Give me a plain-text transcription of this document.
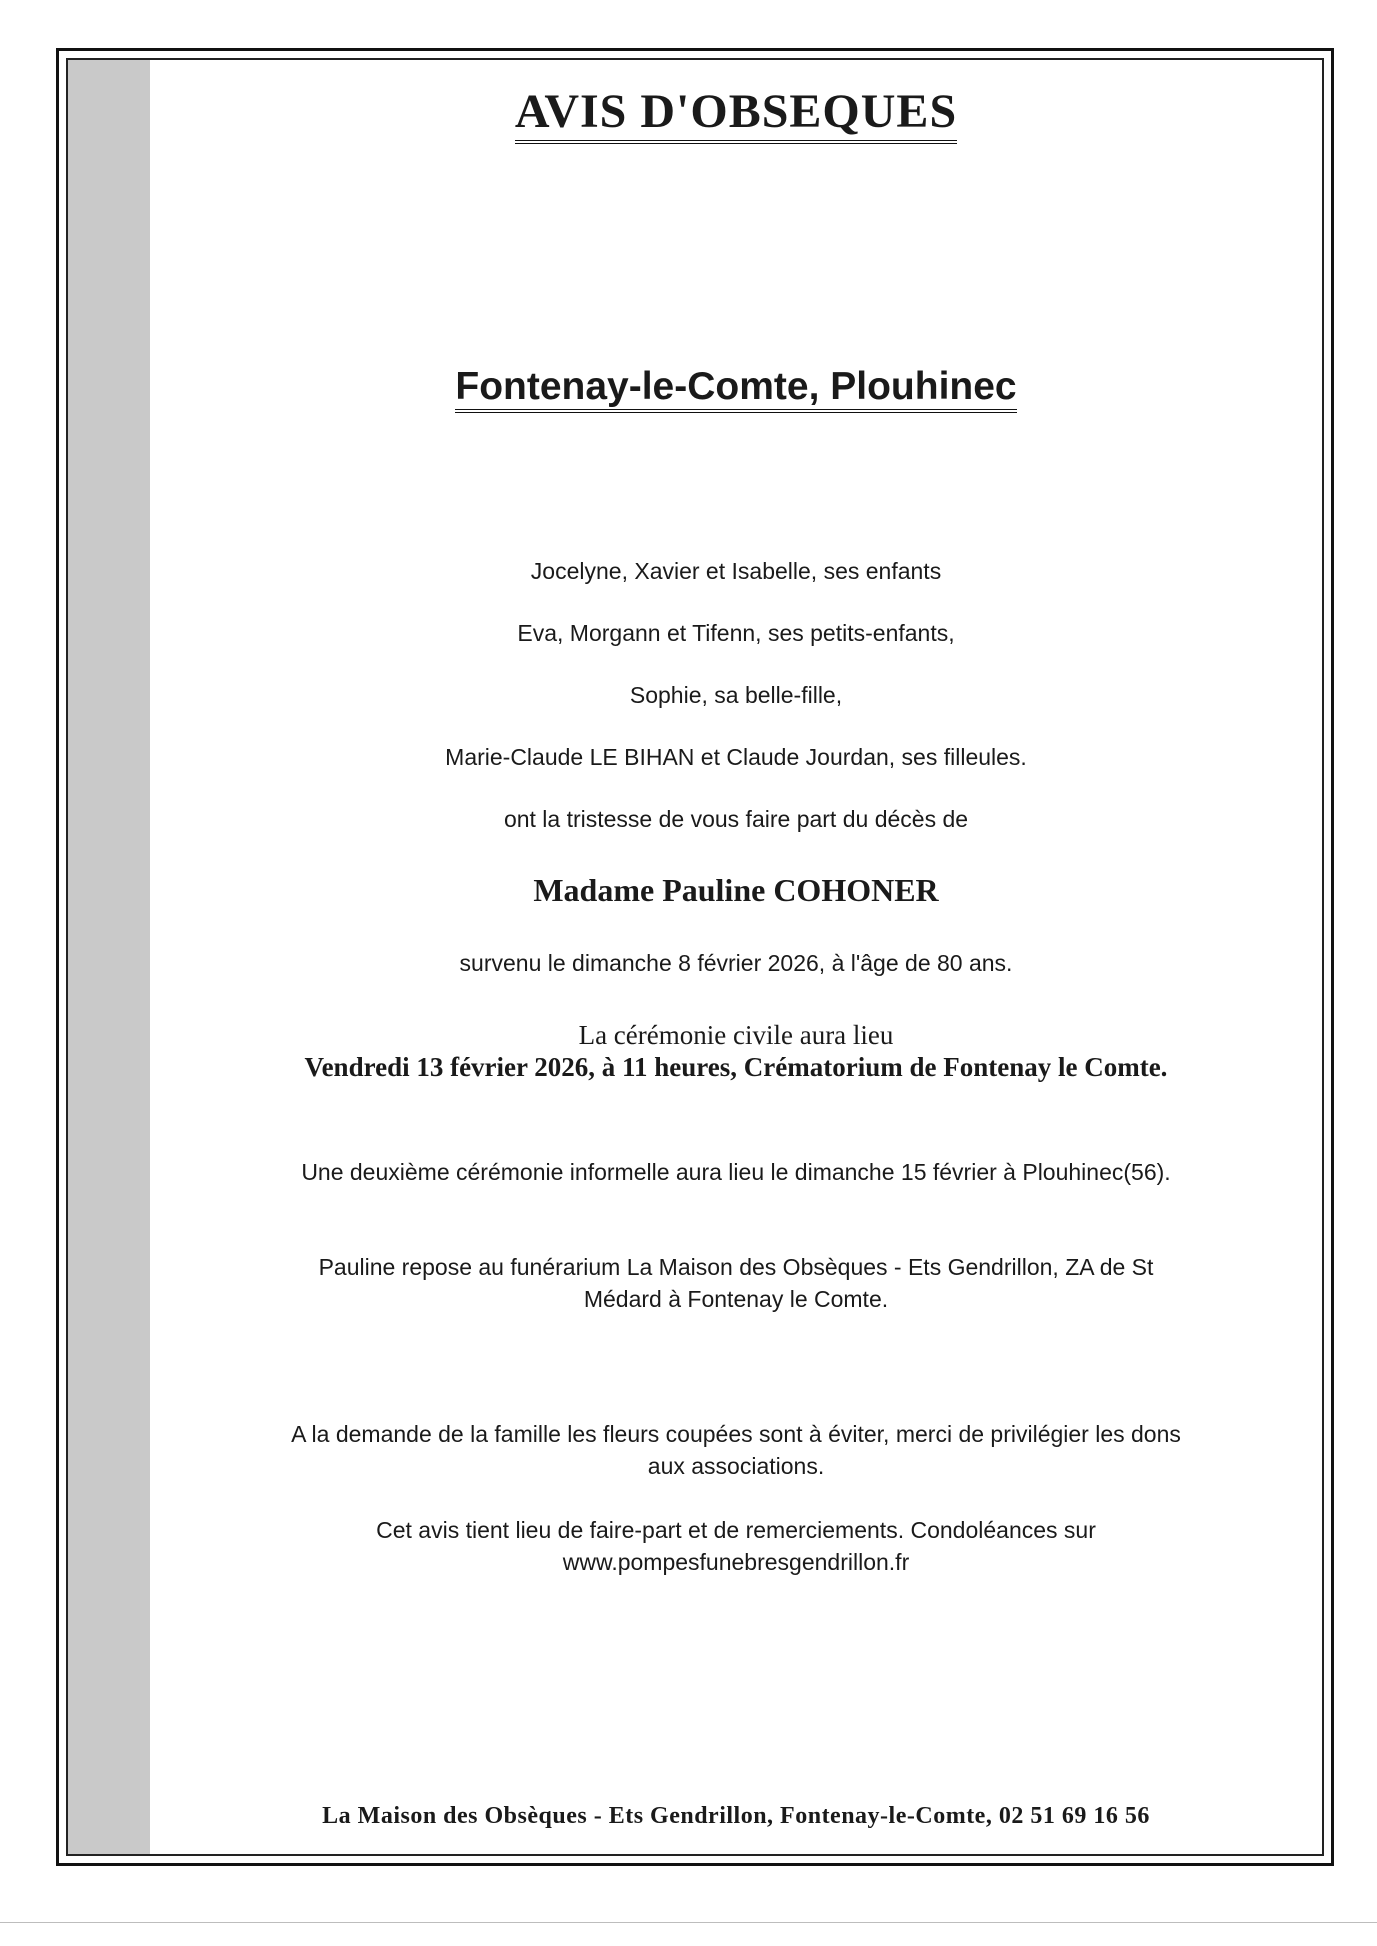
AVIS D'OBSEQUES
Fontenay-le-Comte, Plouhinec
Jocelyne, Xavier et Isabelle, ses enfants
Eva, Morgann et Tifenn, ses petits-enfants,
Sophie, sa belle-fille,
Marie-Claude LE BIHAN et Claude Jourdan, ses filleules.
ont la tristesse de vous faire part du décès de
Madame Pauline COHONER
survenu le dimanche 8 février 2026, à l'âge de 80 ans.
La cérémonie civile aura lieu
Vendredi 13 février 2026, à 11 heures, Crématorium de Fontenay le Comte.
Une deuxième cérémonie informelle aura lieu le dimanche 15 février à Plouhinec(56).
Pauline repose au funérarium La Maison des Obsèques - Ets Gendrillon, ZA de St
Médard à Fontenay le Comte.
A la demande de la famille les fleurs coupées sont à éviter, merci de privilégier les dons
aux associations.
Cet avis tient lieu de faire-part et de remerciements. Condoléances sur
www.pompesfunebresgendrillon.fr
La Maison des Obsèques - Ets Gendrillon, Fontenay-le-Comte, 02 51 69 16 56
